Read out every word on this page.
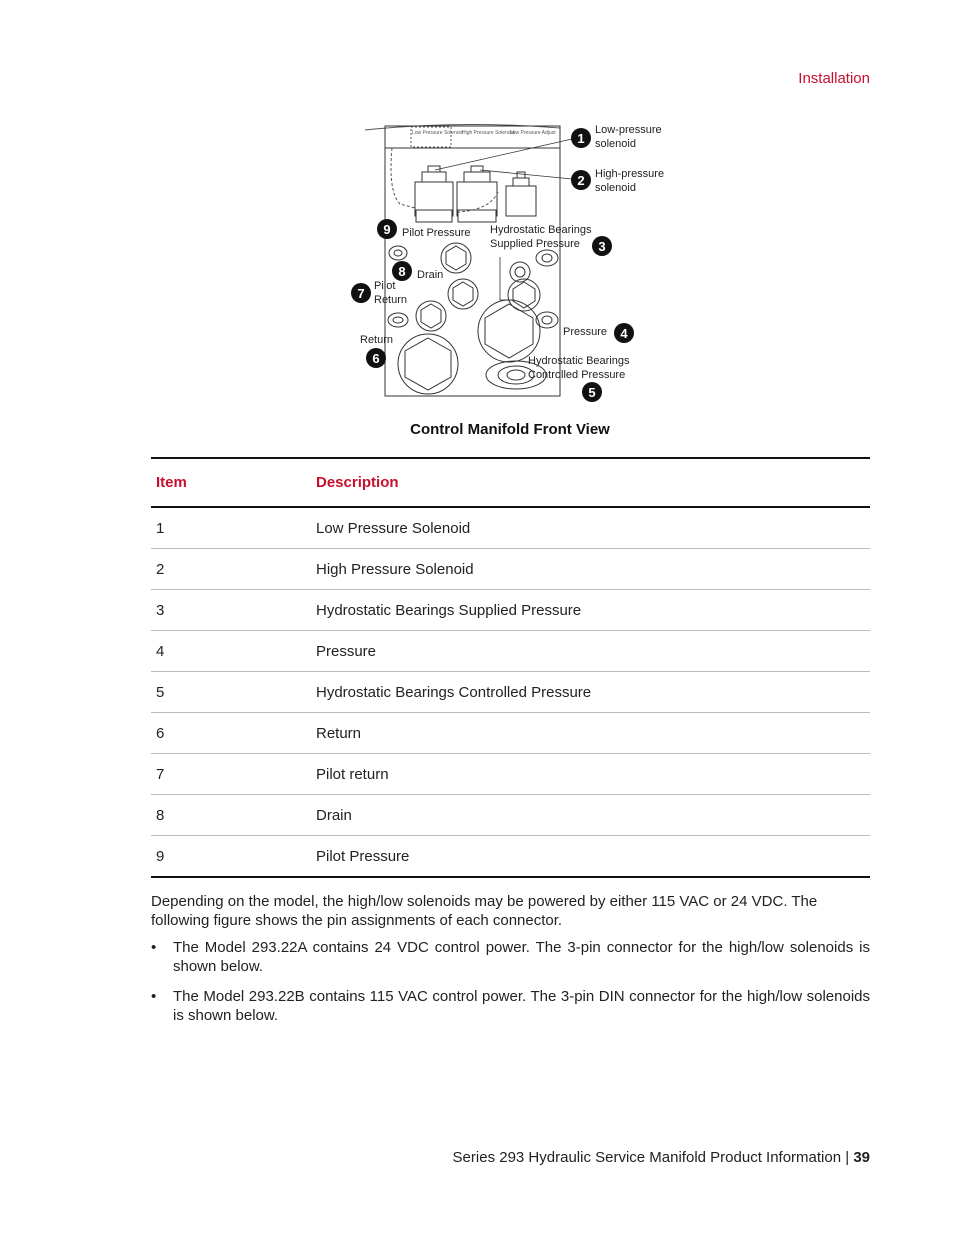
Installation
Low Pressure Solenoid
High Pressure Solenoid
Low Pressure Adjust 1
Low-pressure
solenoid
2 High-pressure
solenoid
3
Hydrostatic Bearings
Supplied Pressure
4
Pressure
5
Hydrostatic Bearings
Controlled Pressure
6
Return
7 Pilot
Return
8 Drain
9 Pilot Pressure
Control Manifold Front View
Item	Description
1	Low Pressure Solenoid
2	High Pressure Solenoid
3	Hydrostatic Bearings Supplied Pressure
4	Pressure
5	Hydrostatic Bearings Controlled Pressure
6	Return
7	Pilot return
8	Drain
9	Pilot Pressure
Depending on the model, the high/low solenoids may be powered by either 115 VAC or 24 VDC. The following figure shows the pin assignments of each connector.
• The Model 293.22A contains 24 VDC control power. The 3-pin connector for the high/low solenoids is shown below.
• The Model 293.22B contains 115 VAC control power. The 3-pin DIN connector for the high/low solenoids is shown below.
Series 293 Hydraulic Service Manifold Product Information | 39
